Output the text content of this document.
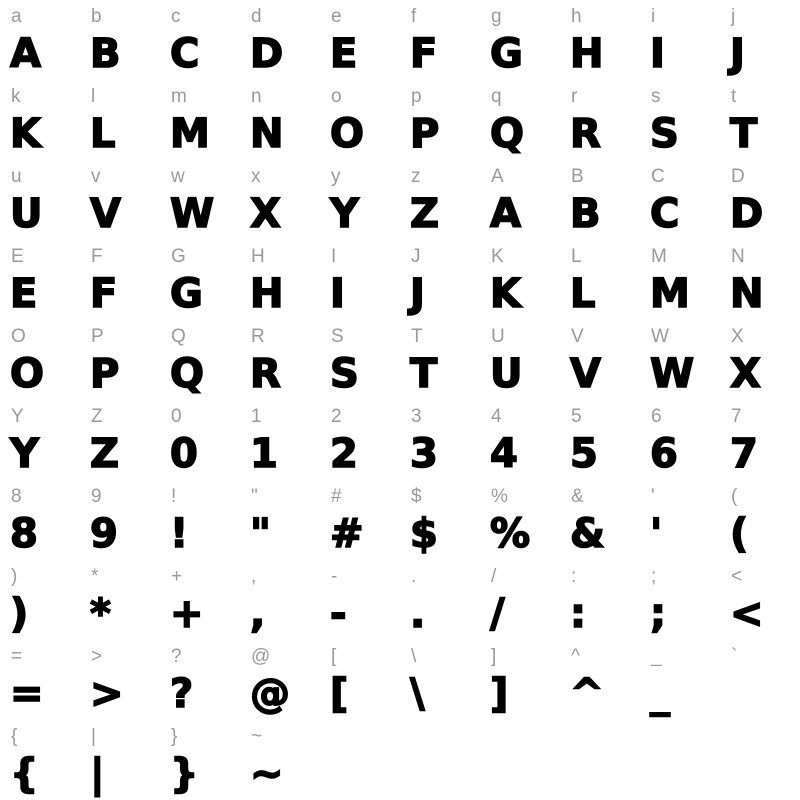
a
A
b
B
c
C
d
D
e
E
f
F
g
G
h
H
i
I
j
J
k
K
l
L
m
M
n
N
o
O
p
P
q
Q
r
R
s
S
t
T
u
U
v
V
w
W
x
X
y
Y
z
Z
A
A
B
B
C
C
D
D
E
E
F
F
G
G
H
H
I
I
J
J
K
K
L
L
M
M
N
N
O
O
P
P
Q
Q
R
R
S
S
T
T
U
U
V
V
W
W
X
X
Y
Y
Z
Z
0
0
1
1
2
2
3
3
4
4
5
5
6
6
7
7
8
8
9
9
!
!
"
"
#
#
$
$
%
%
&
&
'
'
(
(
)
)
*
*
+
+
,
,
-
-
.
.
/
/
:
:
;
;
<
<
=
=
>
>
?
?
@
@
[
[
\
\
]
]
^
^
_
_
`
{
{
|
|
}
}
~
~
